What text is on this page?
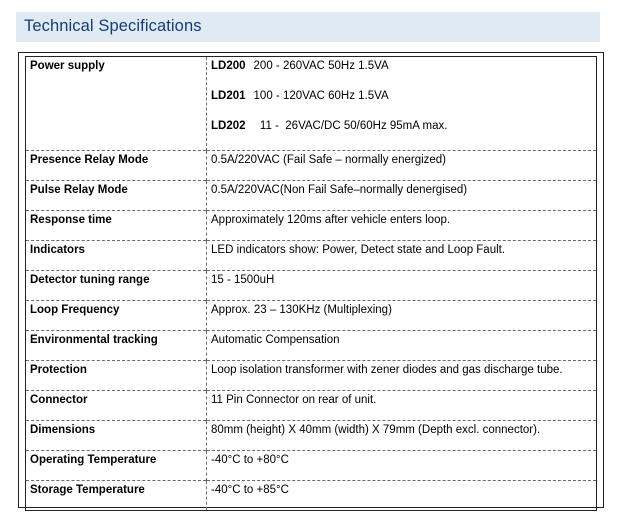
Technical Specifications
Power supply	LD200 200 - 260VAC 50Hz 1.5VA
LD201 100 - 120VAC 60Hz 1.5VA
LD202  11 -  26VAC/DC 50/60Hz 95mA max.

Presence Relay Mode	0.5A/220VAC (Fail Safe – normally energized)
Pulse Relay Mode	0.5A/220VAC(Non Fail Safe–normally denergised)
Response time	Approximately 120ms after vehicle enters loop.
Indicators	LED indicators show: Power, Detect state and Loop Fault.
Detector tuning range	15 - 1500uH
Loop Frequency	Approx. 23 – 130KHz (Multiplexing)
Environmental tracking	Automatic Compensation
Protection	Loop isolation transformer with zener diodes and gas discharge tube.
Connector	11 Pin Connector on rear of unit.
Dimensions	80mm (height) X 40mm (width) X 79mm (Depth excl. connector).
Operating Temperature	-40°C to +80°C
Storage Temperature	-40°C to +85°C
